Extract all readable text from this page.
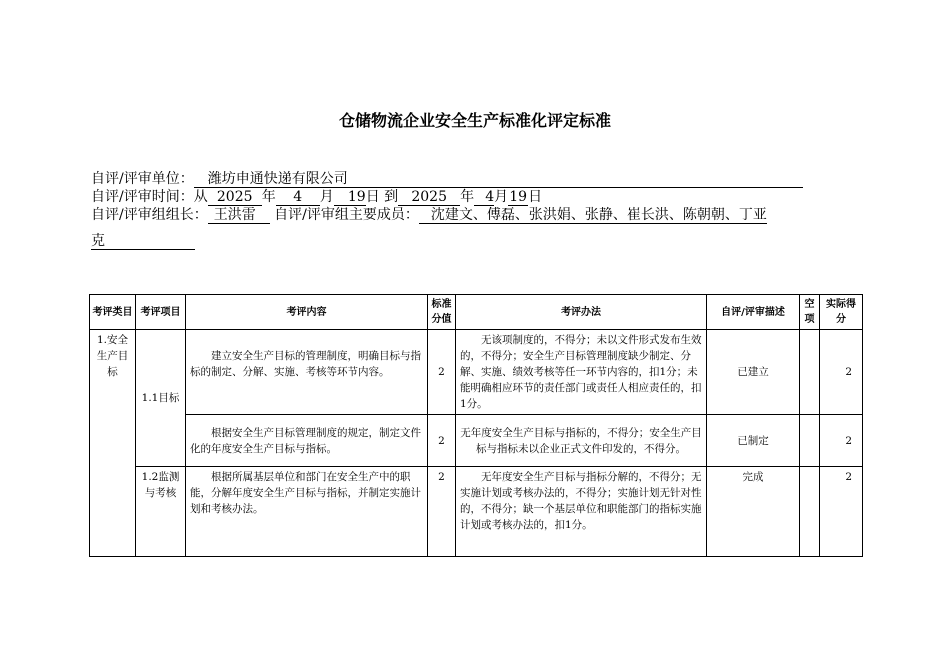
仓储物流企业安全生产标准化评定标准
自评/评审单位： 潍坊申通快递有限公司
自评/评审时间：从 2025 年 4 月 19日 到 2025 年 4月19日
自评/评审组组长： 王洪雷 自评/评审组主要成员： 沈建文、傅磊、张洪娟、张静、崔长洪、陈朝朝、丁亚
克
考评类目	考评项目	考评内容	标准分值	考评办法	自评/评审描述	空项	实际得分
1.安全生产目标	1.1目标	建立安全生产目标的管理制度，明确目标与指标的制定、分解、实施、考核等环节内容。	2	无该项制度的，不得分；未以文件形式发布生效的，不得分；安全生产目标管理制度缺少制定、分解、实施、绩效考核等任一环节内容的，扣1分；未能明确相应环节的责任部门或责任人相应责任的，扣1分。	已建立		2
		根据安全生产目标管理制度的规定，制定文件化的年度安全生产目标与指标。	2	无年度安全生产目标与指标的，不得分；安全生产目标与指标未以企业正式文件印发的，不得分。	已制定		2
	1.2监测与考核	根据所属基层单位和部门在安全生产中的职能，分解年度安全生产目标与指标，并制定实施计划和考核办法。	2	无年度安全生产目标与指标分解的，不得分；无实施计划或考核办法的，不得分；实施计划无针对性的，不得分；缺一个基层单位和职能部门的指标实施计划或考核办法的，扣1分。	完成		2
